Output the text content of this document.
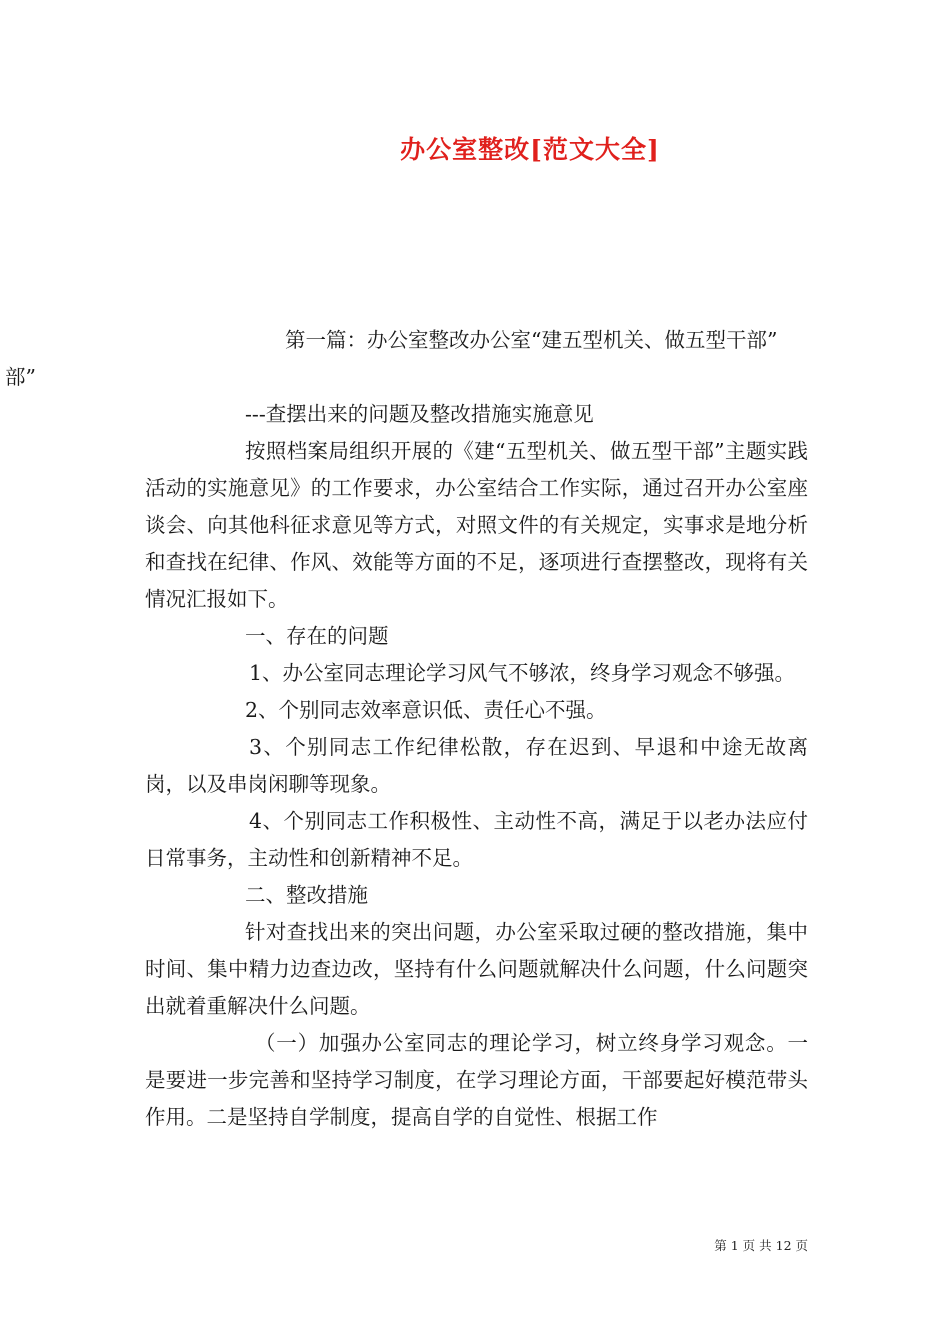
办公室整改[范文大全]

第一篇：办公室整改办公室“建五型机关、做五型干部”
部”

---查摆出来的问题及整改措施实施意见

按照档案局组织开展的《建“五型机关、做五型干部”主题实践活动的实施意见》的工作要求，办公室结合工作实际，通过召开办公室座谈会、向其他科征求意见等方式，对照文件的有关规定，实事求是地分析和查找在纪律、作风、效能等方面的不足，逐项进行查摆整改，现将有关情况汇报如下。

一、存在的问题

1、办公室同志理论学习风气不够浓，终身学习观念不够强。

2、个别同志效率意识低、责任心不强。

3、个别同志工作纪律松散，存在迟到、早退和中途无故离岗，以及串岗闲聊等现象。

4、个别同志工作积极性、主动性不高，满足于以老办法应付日常事务，主动性和创新精神不足。

二、整改措施

针对查找出来的突出问题，办公室采取过硬的整改措施，集中时间、集中精力边查边改，坚持有什么问题就解决什么问题，什么问题突出就着重解决什么问题。

（一）加强办公室同志的理论学习，树立终身学习观念。一是要进一步完善和坚持学习制度，在学习理论方面，干部要起好模范带头作用。二是坚持自学制度，提高自学的自觉性、根据工作

第 1 页 共 12 页
